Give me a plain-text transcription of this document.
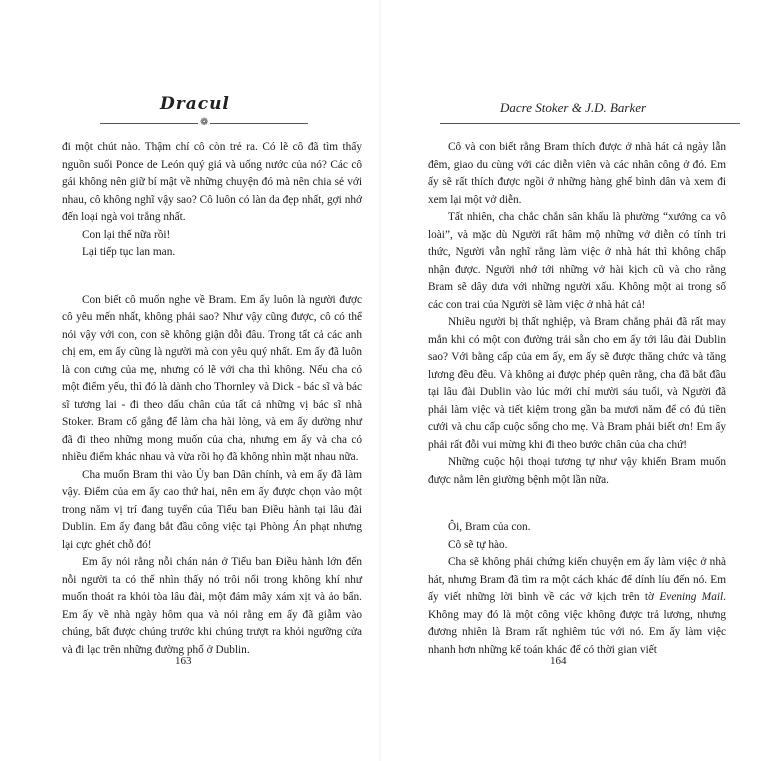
Dracul
❁

đi một chút nào. Thậm chí cô còn trẻ ra. Có lẽ cô đã tìm thấy nguồn suối Ponce de León quý giá và uống nước của nó? Các cô gái không nên giữ bí mật về những chuyện đó mà nên chia sẻ với nhau, cô không nghĩ vậy sao? Cô luôn có làn da đẹp nhất, gợi nhớ đến loại ngà voi trắng nhất.

Con lại thế nữa rồi!

Lại tiếp tục lan man.

Con biết cô muốn nghe về Bram. Em ấy luôn là người được cô yêu mến nhất, không phải sao? Như vậy cũng được, cô có thể nói vậy với con, con sẽ không giận dỗi đâu. Trong tất cả các anh chị em, em ấy cũng là người mà con yêu quý nhất. Em ấy đã luôn là con cưng của mẹ, nhưng có lẽ với cha thì không. Nếu cha có một điểm yếu, thì đó là dành cho Thornley và Dick - bác sĩ và bác sĩ tương lai - đi theo dấu chân của tất cả những vị bác sĩ nhà Stoker. Bram cố gắng để làm cha hài lòng, và em ấy dường như đã đi theo những mong muốn của cha, nhưng em ấy và cha có nhiều điểm khác nhau và vừa rồi họ đã không nhìn mặt nhau nữa.

Cha muốn Bram thi vào Ủy ban Dân chính, và em ấy đã làm vậy. Điểm của em ấy cao thứ hai, nên em ấy được chọn vào một trong năm vị trí đang tuyển của Tiểu ban Điều hành tại lâu đài Dublin. Em ấy đang bắt đầu công việc tại Phòng Án phạt nhưng lại cực ghét chỗ đó!

Em ấy nói rằng nỗi chán nản ở Tiểu ban Điều hành lớn đến nỗi người ta có thể nhìn thấy nó trôi nổi trong không khí như muốn thoát ra khỏi tòa lâu đài, một đám mây xám xịt và ảo bẩn. Em ấy về nhà ngày hôm qua và nói rằng em ấy đã giẫm vào chúng, bất được chúng trước khi chúng trượt ra khỏi ngưỡng cửa và đi lạc trên những đường phố ở Dublin.

163
Dacre Stoker & J.D. Barker

Cô và con biết rằng Bram thích được ở nhà hát cả ngày lẫn đêm, giao du cùng với các diễn viên và các nhân công ở đó. Em ấy sẽ rất thích được ngồi ở những hàng ghế bình dân và xem đi xem lại một vở diễn.

Tất nhiên, cha chắc chắn sân khấu là phường “xướng ca vô loài”, và mặc dù Người rất hâm mộ những vở diễn có tính tri thức, Người vẫn nghĩ rằng làm việc ở nhà hát thì không chấp nhận được. Người nhớ tới những vở hài kịch cũ và cho rằng Bram sẽ dây dưa với những người xấu. Không một ai trong số các con trai của Người sẽ làm việc ở nhà hát cả!

Nhiều người bị thất nghiệp, và Bram chẳng phải đã rất may mắn khi có một con đường trải sẵn cho em ấy tới lâu đài Dublin sao? Với bằng cấp của em ấy, em ấy sẽ được thăng chức và tăng lương đều đều. Và không ai được phép quên rằng, cha đã bắt đầu tại lâu đài Dublin vào lúc mới chỉ mười sáu tuổi, và Người đã phải làm việc và tiết kiệm trong gần ba mươi năm để có đủ tiền cưới và chu cấp cuộc sống cho mẹ. Và Bram phải biết ơn! Em ấy phải rất đỗi vui mừng khi đi theo bước chân của cha chứ!

Những cuộc hội thoại tương tự như vậy khiến Bram muốn được nằm lên giường bệnh một lần nữa.

Ôi, Bram của con.

Cô sẽ tự hào.

Cha sẽ không phải chứng kiến chuyện em ấy làm việc ở nhà hát, nhưng Bram đã tìm ra một cách khác để dính líu đến nó. Em ấy viết những lời bình về các vở kịch trên tờ Evening Mail. Không may đó là một công việc không được trả lương, nhưng đương nhiên là Bram rất nghiêm túc với nó. Em ấy làm việc nhanh hơn những kế toán khác để có thời gian viết

164
